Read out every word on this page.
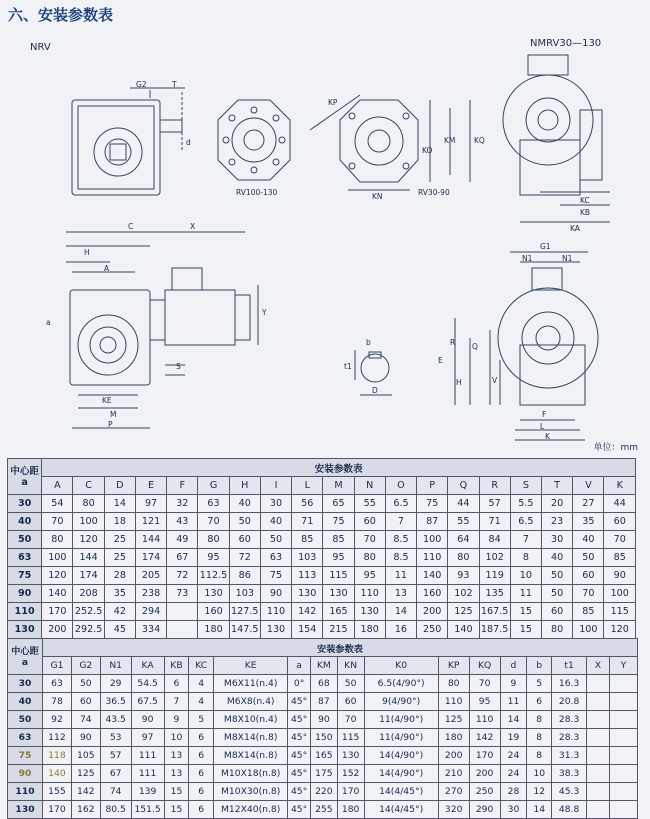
六、安装参数表
NRV	NMRV30—130
RV100-130	RV30-90
G2	T
d
KP
KO
KM KQ
KN	KC
KB
KA
C	X
H
A
Y
S
KE
M
P
a
G1
N1	N1
R Q
E
V
H
F
L
K
b
t1
D
单位：mm
中心距 a	安装参数表																		
	A	C	D	E	F	G	H	I	L	M	N	O	P	Q	R	S	T	V	K
30	54	80	14	97	32	63	40	30	56	65	55	6.5	75	44	57	5.5	20	27	44
40	70	100	18	121	43	70	50	40	71	75	60	7	87	55	71	6.5	23	35	60
50	80	120	25	144	49	80	60	50	85	85	70	8.5	100	64	84	7	30	40	70
63	100	144	25	174	67	95	72	63	103	95	80	8.5	110	80	102	8	40	50	85
75	120	174	28	205	72	112.5	86	75	113	115	95	11	140	93	119	10	50	60	90
90	140	208	35	238	73	130	103	90	130	130	110	13	160	102	135	11	50	70	100
110	170	252.5	42	294		160	127.5	110	142	165	130	14	200	125	167.5	15	60	85	115
130	200	292.5	45	334		180	147.5	130	154	215	180	16	250	140	187.5	15	80	100	120
中心距 a	安装参数表																	
	G1	G2	N1	KA	KB	KC	KE	a	KM	KN	K0	KP	KQ	d	b	t1	X	Y
30	63	50	29	54.5	6	4	M6X11(n.4)	0°	68	50	6.5(4/90°)	80	70	9	5	16.3		
40	78	60	36.5	67.5	7	4	M6X8(n.4)	45°	87	60	9(4/90°)	110	95	11	6	20.8		
50	92	74	43.5	90	9	5	M8X10(n.4)	45°	90	70	11(4/90°)	125	110	14	8	28.3		
63	112	90	53	97	10	6	M8X14(n.8)	45°	150	115	11(4/90°)	180	142	19	8	28.3		
75	118	105	57	111	13	6	M8X14(n.8)	45°	165	130	14(4/90°)	200	170	24	8	31.3		
90	140	125	67	111	13	6	M10X18(n.8)	45°	175	152	14(4/90°)	210	200	24	10	38.3		
110	155	142	74	139	15	6	M10X30(n.8)	45°	220	170	14(4/45°)	270	250	28	12	45.3		
130	170	162	80.5	151.5	15	6	M12X40(n.8)	45°	255	180	14(4/45°)	320	290	30	14	48.8		
